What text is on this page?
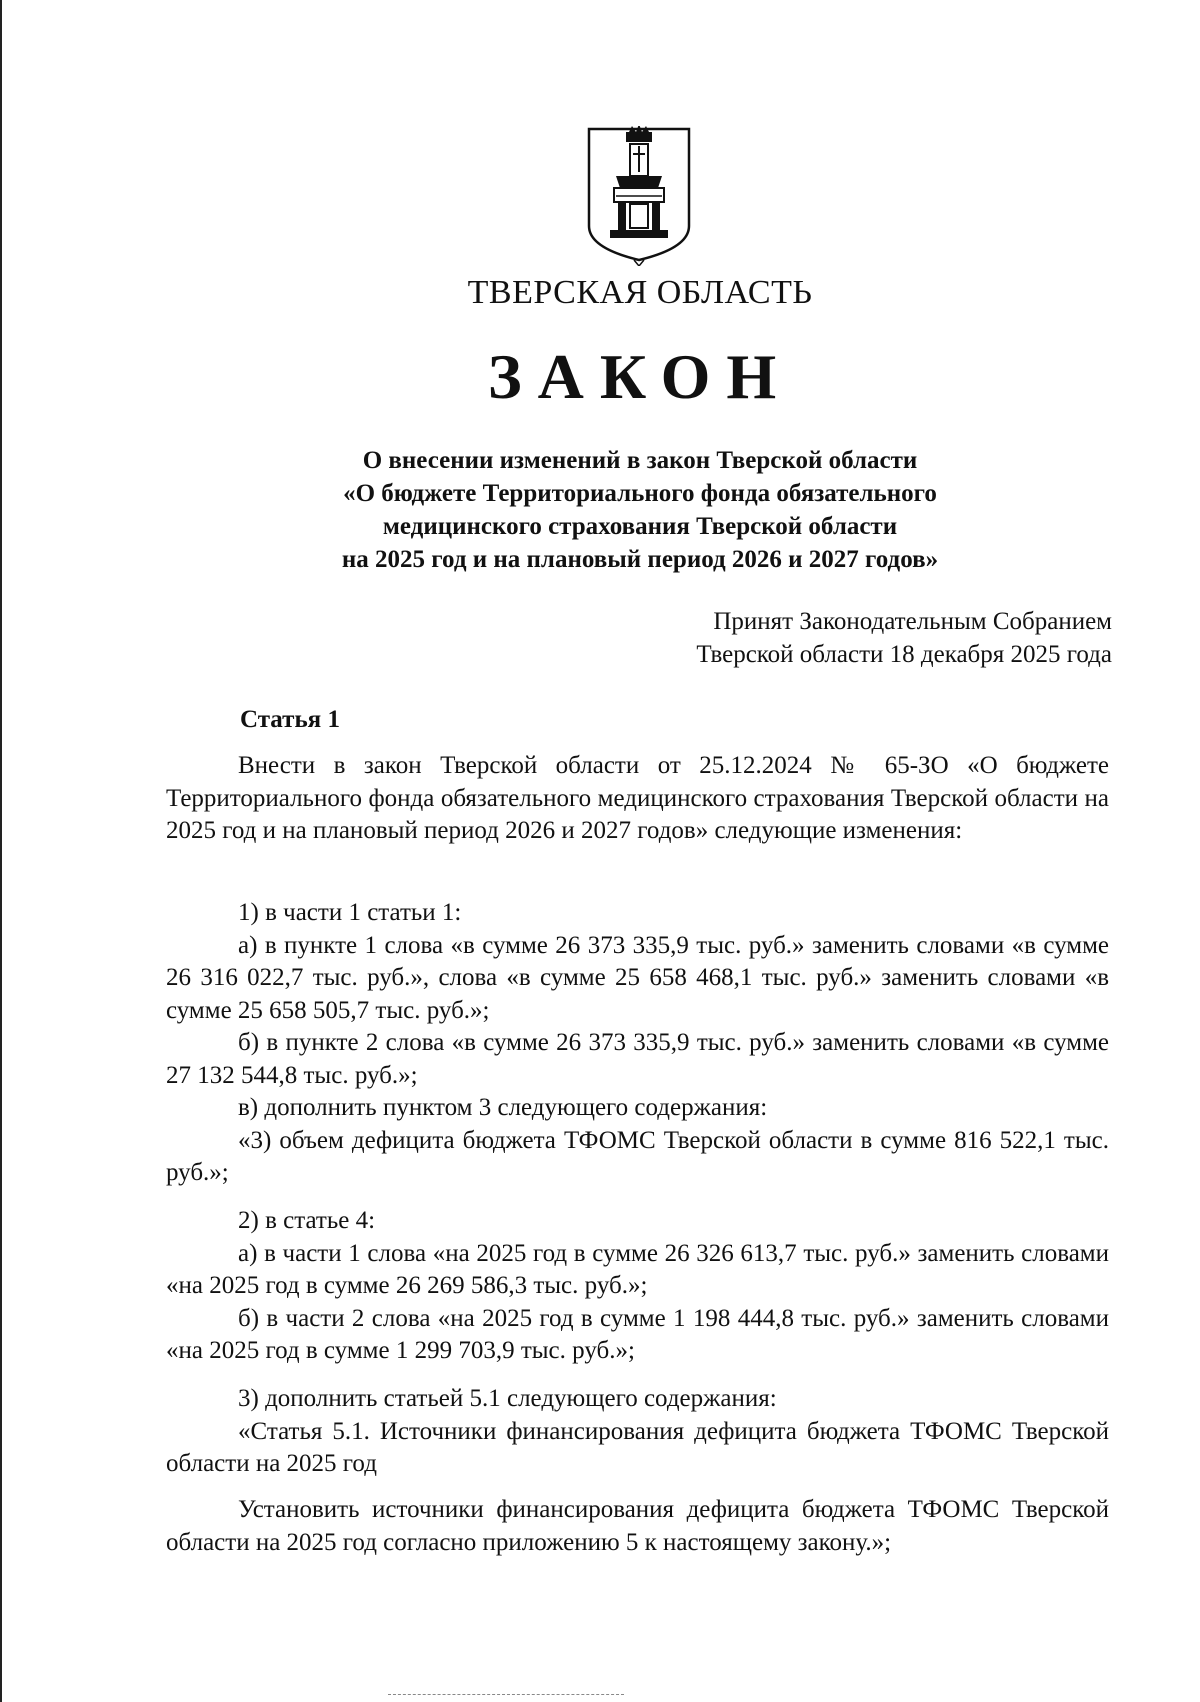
ТВЕРСКАЯ ОБЛАСТЬ
ЗАКОН
О внесении изменений в закон Тверской области
«О бюджете Территориального фонда обязательного
медицинского страхования Тверской области
на 2025 год и на плановый период 2026 и 2027 годов»
Принят Законодательным Собранием
Тверской области 18 декабря 2025 года
Статья 1

Внести в закон Тверской области от 25.12.2024 № 65-ЗО «О бюджете Территориального фонда обязательного медицинского страхования Тверской области на 2025 год и на плановый период 2026 и 2027 годов» следующие изменения:

1) в части 1 статьи 1:

а) в пункте 1 слова «в сумме 26 373 335,9 тыс. руб.» заменить словами «в сумме 26 316 022,7 тыс. руб.», слова «в сумме 25 658 468,1 тыс. руб.» заменить словами «в сумме 25 658 505,7 тыс. руб.»;

б) в пункте 2 слова «в сумме 26 373 335,9 тыс. руб.» заменить словами «в сумме 27 132 544,8 тыс. руб.»;

в) дополнить пунктом 3 следующего содержания:

«3) объем дефицита бюджета ТФОМС Тверской области в сумме 816 522,1 тыс. руб.»;

2) в статье 4:

а) в части 1 слова «на 2025 год в сумме 26 326 613,7 тыс. руб.» заменить словами «на 2025 год в сумме 26 269 586,3 тыс. руб.»;

б) в части 2 слова «на 2025 год в сумме 1 198 444,8 тыс. руб.» заменить словами «на 2025 год в сумме 1 299 703,9 тыс. руб.»;

3) дополнить статьей 5.1 следующего содержания:

«Статья 5.1. Источники финансирования дефицита бюджета ТФОМС Тверской области на 2025 год

Установить источники финансирования дефицита бюджета ТФОМС Тверской области на 2025 год согласно приложению 5 к настоящему закону.»;
